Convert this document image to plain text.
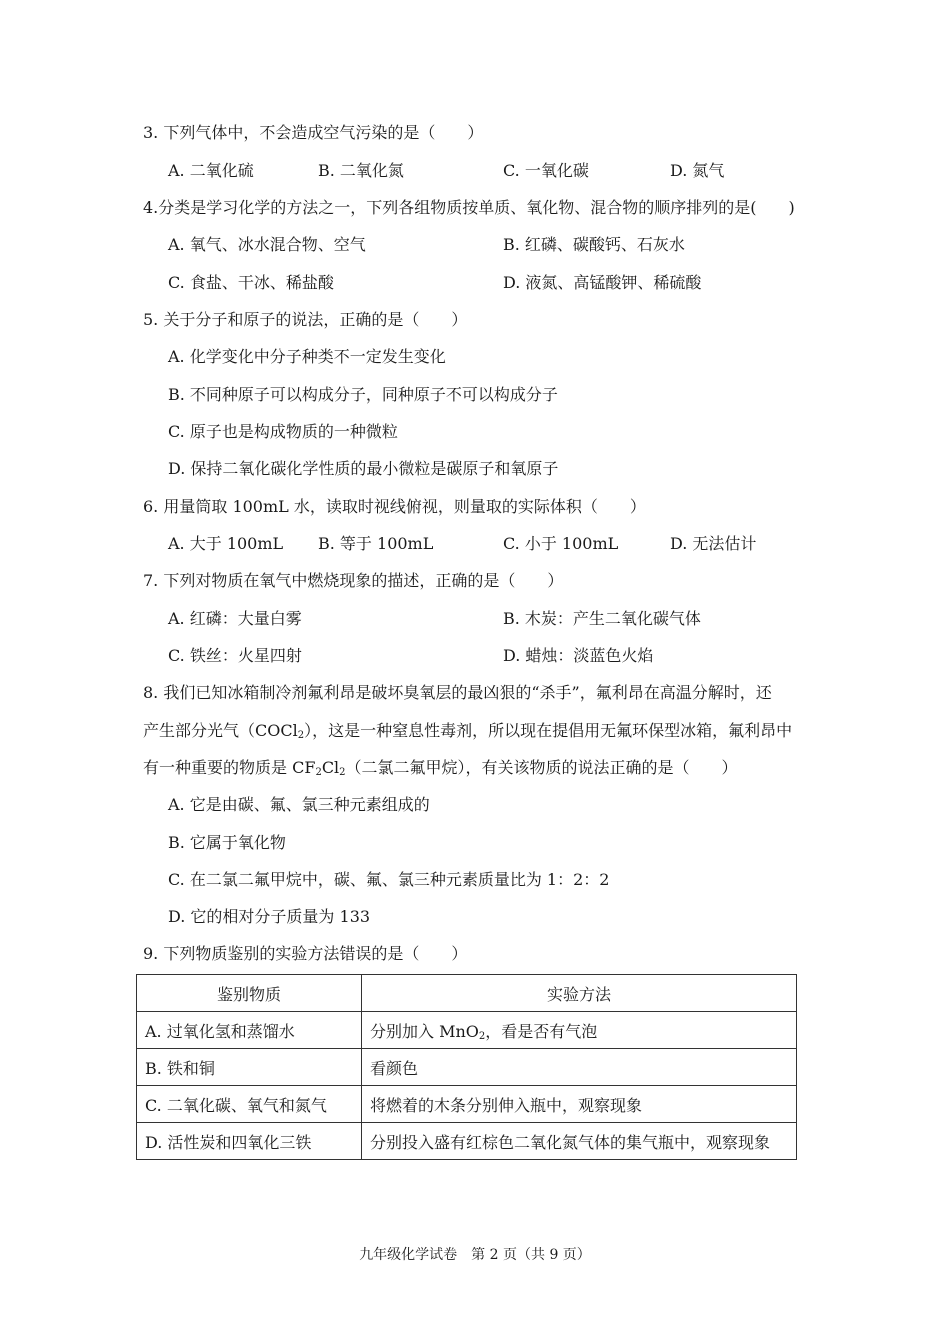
3. 下列气体中，不会造成空气污染的是（　　）
A. 二氧化硫	B. 二氧化氮	C. 一氧化碳	D. 氮气
4.分类是学习化学的方法之一，下列各组物质按单质、氧化物、混合物的顺序排列的是(　　)
A. 氧气、冰水混合物、空气	B. 红磷、碳酸钙、石灰水
C. 食盐、干冰、稀盐酸	D. 液氮、高锰酸钾、稀硫酸
5. 关于分子和原子的说法，正确的是（　　）
A. 化学变化中分子种类不一定发生变化
B. 不同种原子可以构成分子，同种原子不可以构成分子
C. 原子也是构成物质的一种微粒
D. 保持二氧化碳化学性质的最小微粒是碳原子和氧原子
6. 用量筒取 100mL 水，读取时视线俯视，则量取的实际体积（　　）
A. 大于 100mL B. 等于 100mL	C. 小于 100mL	D. 无法估计
7. 下列对物质在氧气中燃烧现象的描述，正确的是（　　）
A. 红磷：大量白雾	B. 木炭：产生二氧化碳气体
C. 铁丝：火星四射	D. 蜡烛：淡蓝色火焰
8. 我们已知冰箱制冷剂氟利昂是破坏臭氧层的最凶狠的“杀手”，氟利昂在高温分解时，还
产生部分光气（COCl$_2$），这是一种窒息性毒剂，所以现在提倡用无氟环保型冰箱，氟利昂中
有一种重要的物质是 $CF_2Cl_2$（二氯二氟甲烷），有关该物质的说法正确的是（　　）
A. 它是由碳、氟、氯三种元素组成的
B. 它属于氧化物
C. 在二氯二氟甲烷中，碳、氟、氯三种元素质量比为 1：2：2
D. 它的相对分子质量为 133
9. 下列物质鉴别的实验方法错误的是（　　）
鉴别物质	实验方法
A. 过氧化氢和蒸馏水	分别加入 MnO$_2$，看是否有气泡
B. 铁和铜	看颜色
C. 二氧化碳、氧气和氮气	将燃着的木条分别伸入瓶中，观察现象
D. 活性炭和四氧化三铁	分别投入盛有红棕色二氧化氮气体的集气瓶中，观察现象
九年级化学试卷　第 2 页（共 9 页）
